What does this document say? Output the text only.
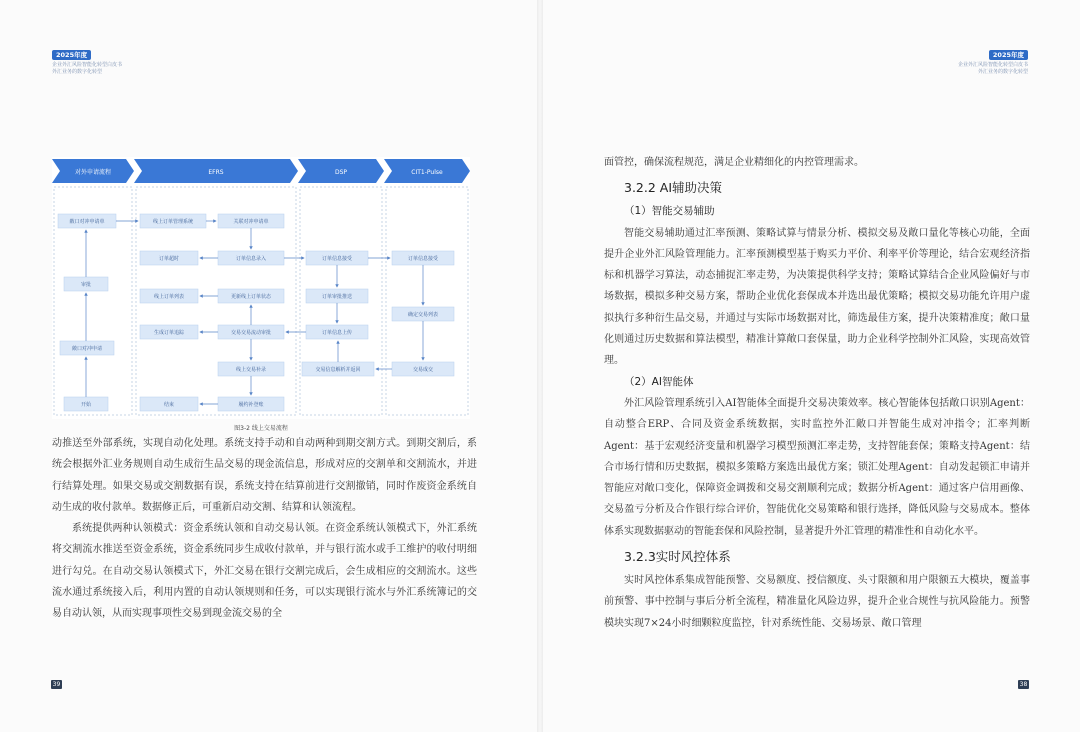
2025年度
企业外汇风险智能化转型白皮书
外汇业务的数字化转型
2025年度
企业外汇风险智能化转型白皮书
外汇业务的数字化转型
对外申请流程	EFRS	DSP	CIT1-Pulse
敞口对冲申请单
审批
敞口对冲申请
开始
线上订单管理系统	关联对冲申请单
订单超时	订单信息录入
线上订单列表	更新线上订单状态
生成订单追踪	交易交易流动审批
线上交易补录
结束	履约补登账
订单信息接受
订单审批推送
订单信息上传
交易信息解析并返回
订单信息接受
确定交易列表
交易成交
图3-2 线上交易流程

动推送至外部系统，实现自动化处理。系统支持手动和自动两种到期交割方式。到期交割后，系统会根据外汇业务规则自动生成衍生品交易的现金流信息，形成对应的交割单和交割流水，并进行结算处理。如果交易或交割数据有误，系统支持在结算前进行交割撤销，同时作废资金系统自动生成的收付款单。数据修正后，可重新启动交割、结算和认领流程。

系统提供两种认领模式：资金系统认领和自动交易认领。在资金系统认领模式下，外汇系统将交割流水推送至资金系统，资金系统同步生成收付款单，并与银行流水或手工维护的收付明细进行勾兑。在自动交易认领模式下，外汇交易在银行交割完成后，会生成相应的交割流水。这些流水通过系统接入后，利用内置的自动认领规则和任务，可以实现银行流水与外汇系统簿记的交易自动认领，从而实现事项性交易到现金流交易的全

面管控，确保流程规范，满足企业精细化的内控管理需求。

3.2.2 AI辅助决策
（1）智能交易辅助

智能交易辅助通过汇率预测、策略试算与情景分析、模拟交易及敞口量化等核心功能，全面提升企业外汇风险管理能力。汇率预测模型基于购买力平价、利率平价等理论，结合宏观经济指标和机器学习算法，动态捕捉汇率走势，为决策提供科学支持；策略试算结合企业风险偏好与市场数据，模拟多种交易方案，帮助企业优化套保成本并选出最优策略；模拟交易功能允许用户虚拟执行多种衍生品交易，并通过与实际市场数据对比，筛选最佳方案，提升决策精准度；敞口量化则通过历史数据和算法模型，精准计算敞口套保量，助力企业科学控制外汇风险，实现高效管理。

（2）AI智能体

外汇风险管理系统引入AI智能体全面提升交易决策效率。核心智能体包括敞口识别Agent：自动整合ERP、合同及资金系统数据，实时监控外汇敞口并智能生成对冲指令；汇率判断Agent：基于宏观经济变量和机器学习模型预测汇率走势，支持智能套保；策略支持Agent：结合市场行情和历史数据，模拟多策略方案选出最优方案；锁汇处理Agent：自动发起锁汇申请并智能应对敞口变化，保障资金调拨和交易交割顺利完成；数据分析Agent：通过客户信用画像、交易盈亏分析及合作银行综合评价，智能优化交易策略和银行选择，降低风险与交易成本。整体体系实现数据驱动的智能套保和风险控制，显著提升外汇管理的精准性和自动化水平。

3.2.3实时风控体系

实时风控体系集成智能预警、交易额度、授信额度、头寸限额和用户限额五大模块，覆盖事前预警、事中控制与事后分析全流程，精准量化风险边界，提升企业合规性与抗风险能力。预警模块实现7×24小时细颗粒度监控，针对系统性能、交易场景、敞口管理

39	38
